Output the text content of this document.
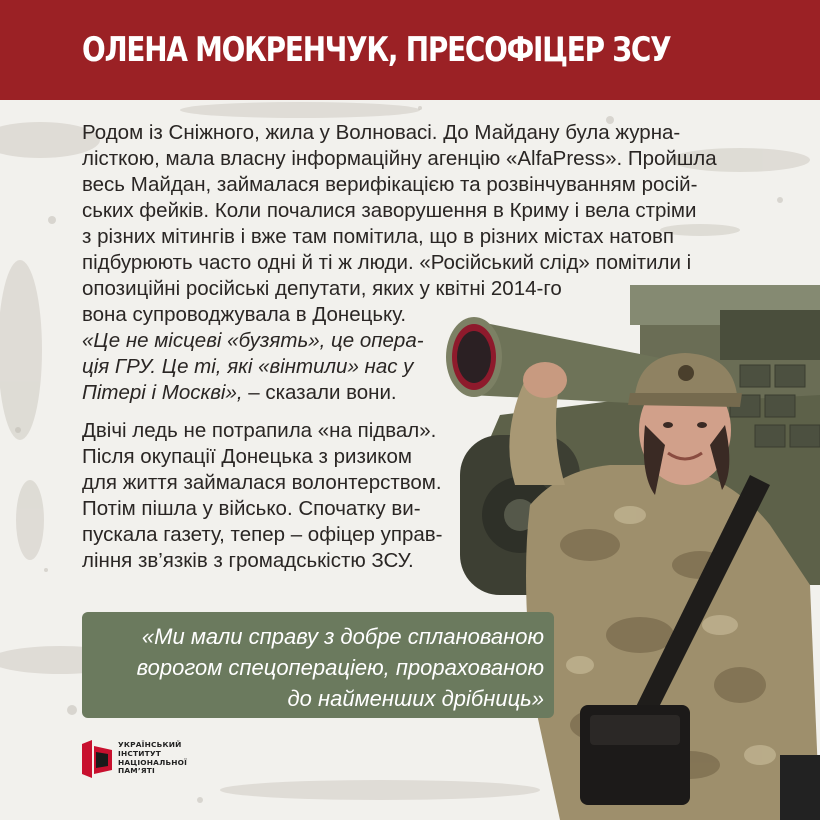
ОЛЕНА МОКРЕНЧУК, ПРЕСОФІЦЕР ЗСУ
Родом із Сніжного, жила у Волновасі. До Майдану була журна-
лісткою, мала власну інформаційну агенцію «AlfaPress». Пройшла
весь Майдан, займалася верифікацією та розвінчуванням росій-
ських фейків. Коли почалися заворушення в Криму і вела стріми
з різних мітингів і вже там помітила, що в різних містах натовп
підбурюють часто одні й ті ж люди. «Російський слід» помітили і
опозиційні російські депутати, яких у квітні 2014-го
вона супроводжувала в Донецьку.
«Це не місцеві «бузять», це опера-
ція ГРУ. Це ті, які «вінтили» нас у
Пітері і Москві», – сказали вони.
Двічі ледь не потрапила «на підвал».
Після окупації Донецька з ризиком
для життя займалася волонтерством.
Потім пішла у військо. Спочатку ви-
пускала газету, тепер – офіцер управ-
ління зв’язків з громадськістю ЗСУ.
«Ми мали справу з добре спланованою
ворогом спецопераціею, прорахованою
до найменших дрібниць»
УКРАЇНСЬКИЙ
ІНСТИТУТ
НАЦІОНАЛЬНОЇ
ПАМ’ЯТІ
